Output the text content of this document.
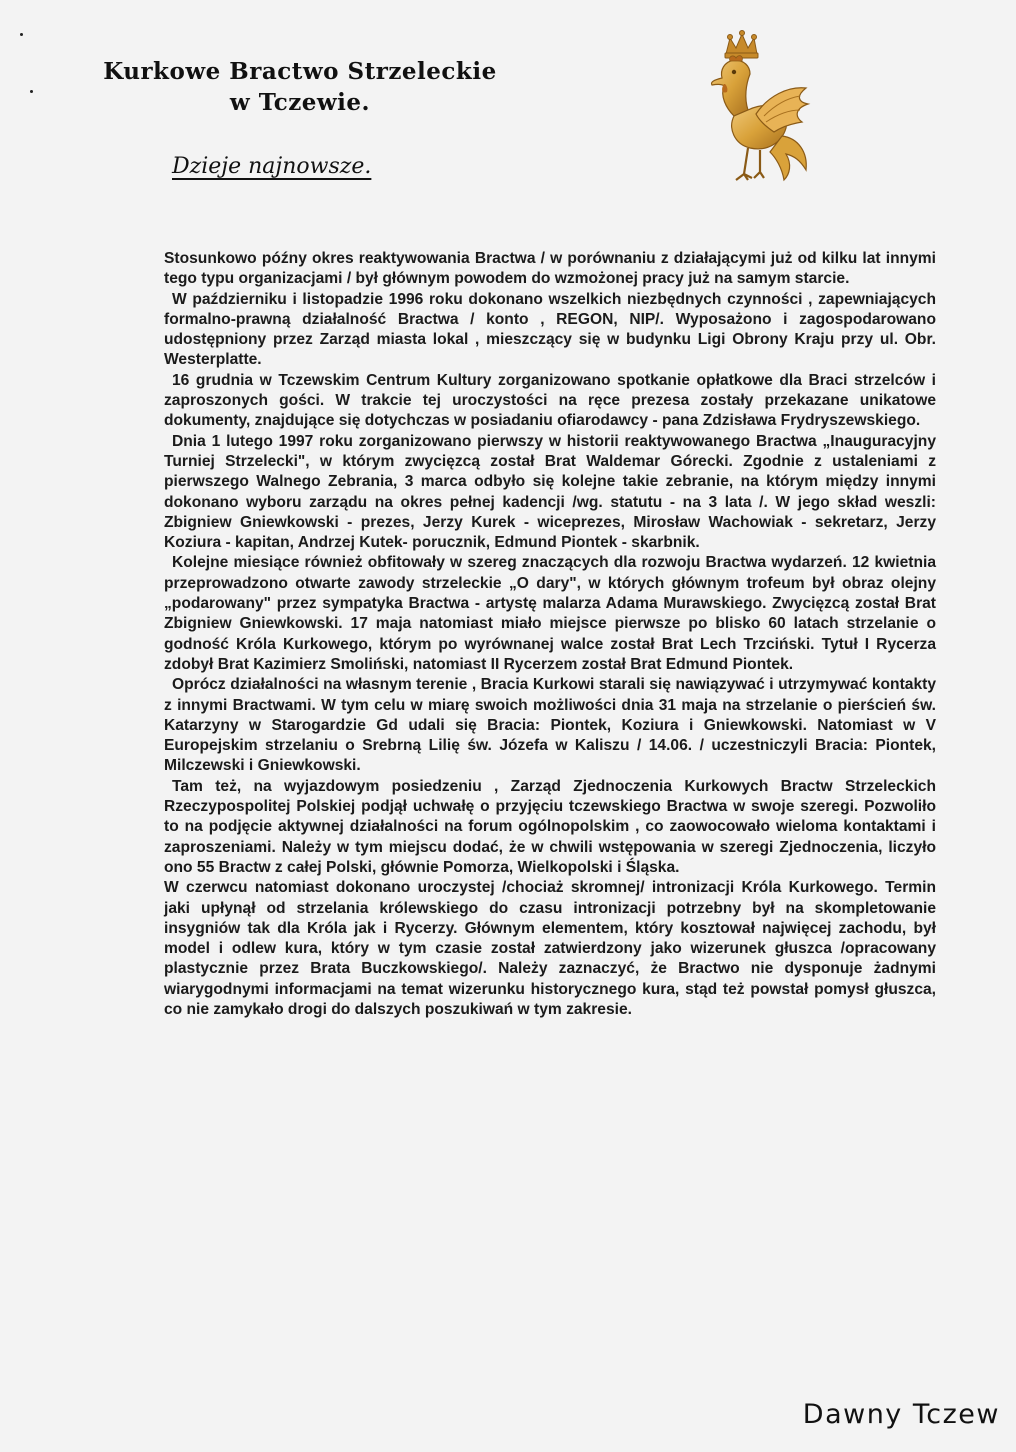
Kurkowe Bractwo Strzeleckie
w Tczewie.
Dzieje najnowsze.

Stosunkowo późny okres reaktywowania Bractwa / w porównaniu z działającymi już od kilku lat innymi tego typu organizacjami / był głównym powodem do wzmożonej pracy już na samym starcie.

W październiku i listopadzie 1996 roku dokonano wszelkich niezbędnych czynności , zapewniających formalno-prawną działalność Bractwa / konto , REGON, NIP/. Wyposażono i zagospodarowano udostępniony przez Zarząd miasta lokal , mieszczący się w budynku Ligi Obrony Kraju przy ul. Obr. Westerplatte.

16 grudnia w Tczewskim Centrum Kultury zorganizowano spotkanie opłatkowe dla Braci strzelców i zaproszonych gości. W trakcie tej uroczystości na ręce prezesa zostały przekazane unikatowe dokumenty, znajdujące się dotychczas w posiadaniu ofiarodawcy - pana Zdzisława Frydryszewskiego.

Dnia 1 lutego 1997 roku zorganizowano pierwszy w historii reaktywowanego Bractwa „Inauguracyjny Turniej Strzelecki", w którym zwycięzcą został Brat Waldemar Górecki. Zgodnie z ustaleniami z pierwszego Walnego Zebrania, 3 marca odbyło się kolejne takie zebranie, na którym między innymi dokonano wyboru zarządu na okres pełnej kadencji /wg. statutu - na 3 lata /. W jego skład weszli: Zbigniew Gniewkowski - prezes, Jerzy Kurek - wiceprezes, Mirosław Wachowiak - sekretarz, Jerzy Koziura - kapitan, Andrzej Kutek- porucznik, Edmund Piontek - skarbnik.

Kolejne miesiące również obfitowały w szereg znaczących dla rozwoju Bractwa wydarzeń. 12 kwietnia przeprowadzono otwarte zawody strzeleckie „O dary", w których głównym trofeum był obraz olejny „podarowany" przez sympatyka Bractwa - artystę malarza Adama Murawskiego. Zwycięzcą został Brat Zbigniew Gniewkowski. 17 maja natomiast miało miejsce pierwsze po blisko 60 latach strzelanie o godność Króla Kurkowego, którym po wyrównanej walce został Brat Lech Trzciński. Tytuł I Rycerza zdobył Brat Kazimierz Smoliński, natomiast II Rycerzem został Brat Edmund Piontek.

Oprócz działalności na własnym terenie , Bracia Kurkowi starali się nawiązywać i utrzymywać kontakty z innymi Bractwami. W tym celu w miarę swoich możliwości dnia 31 maja na strzelanie o pierścień św. Katarzyny w Starogardzie Gd udali się Bracia: Piontek, Koziura i Gniewkowski. Natomiast w V Europejskim strzelaniu o Srebrną Lilię św. Józefa w Kaliszu / 14.06. / uczestniczyli Bracia: Piontek, Milczewski i Gniewkowski.

Tam też, na wyjazdowym posiedzeniu , Zarząd Zjednoczenia Kurkowych Bractw Strzeleckich Rzeczypospolitej Polskiej podjął uchwałę o przyjęciu tczewskiego Bractwa w swoje szeregi. Pozwoliło to na podjęcie aktywnej działalności na forum ogólnopolskim , co zaowocowało wieloma kontaktami i zaproszeniami. Należy w tym miejscu dodać, że w chwili wstępowania w szeregi Zjednoczenia, liczyło ono 55 Bractw z całej Polski, głównie Pomorza, Wielkopolski i Śląska.

W czerwcu natomiast dokonano uroczystej /chociaż skromnej/ intronizacji Króla Kurkowego. Termin jaki upłynął od strzelania królewskiego do czasu intronizacji potrzebny był na skompletowanie insygniów tak dla Króla jak i Rycerzy. Głównym elementem, który kosztował najwięcej zachodu, był model i odlew kura, który w tym czasie został zatwierdzony jako wizerunek głuszca /opracowany plastycznie przez Brata Buczkowskiego/. Należy zaznaczyć, że Bractwo nie dysponuje żadnymi wiarygodnymi informacjami na temat wizerunku historycznego kura, stąd też powstał pomysł głuszca, co nie zamykało drogi do dalszych poszukiwań w tym zakresie.

Dawny Tczew
